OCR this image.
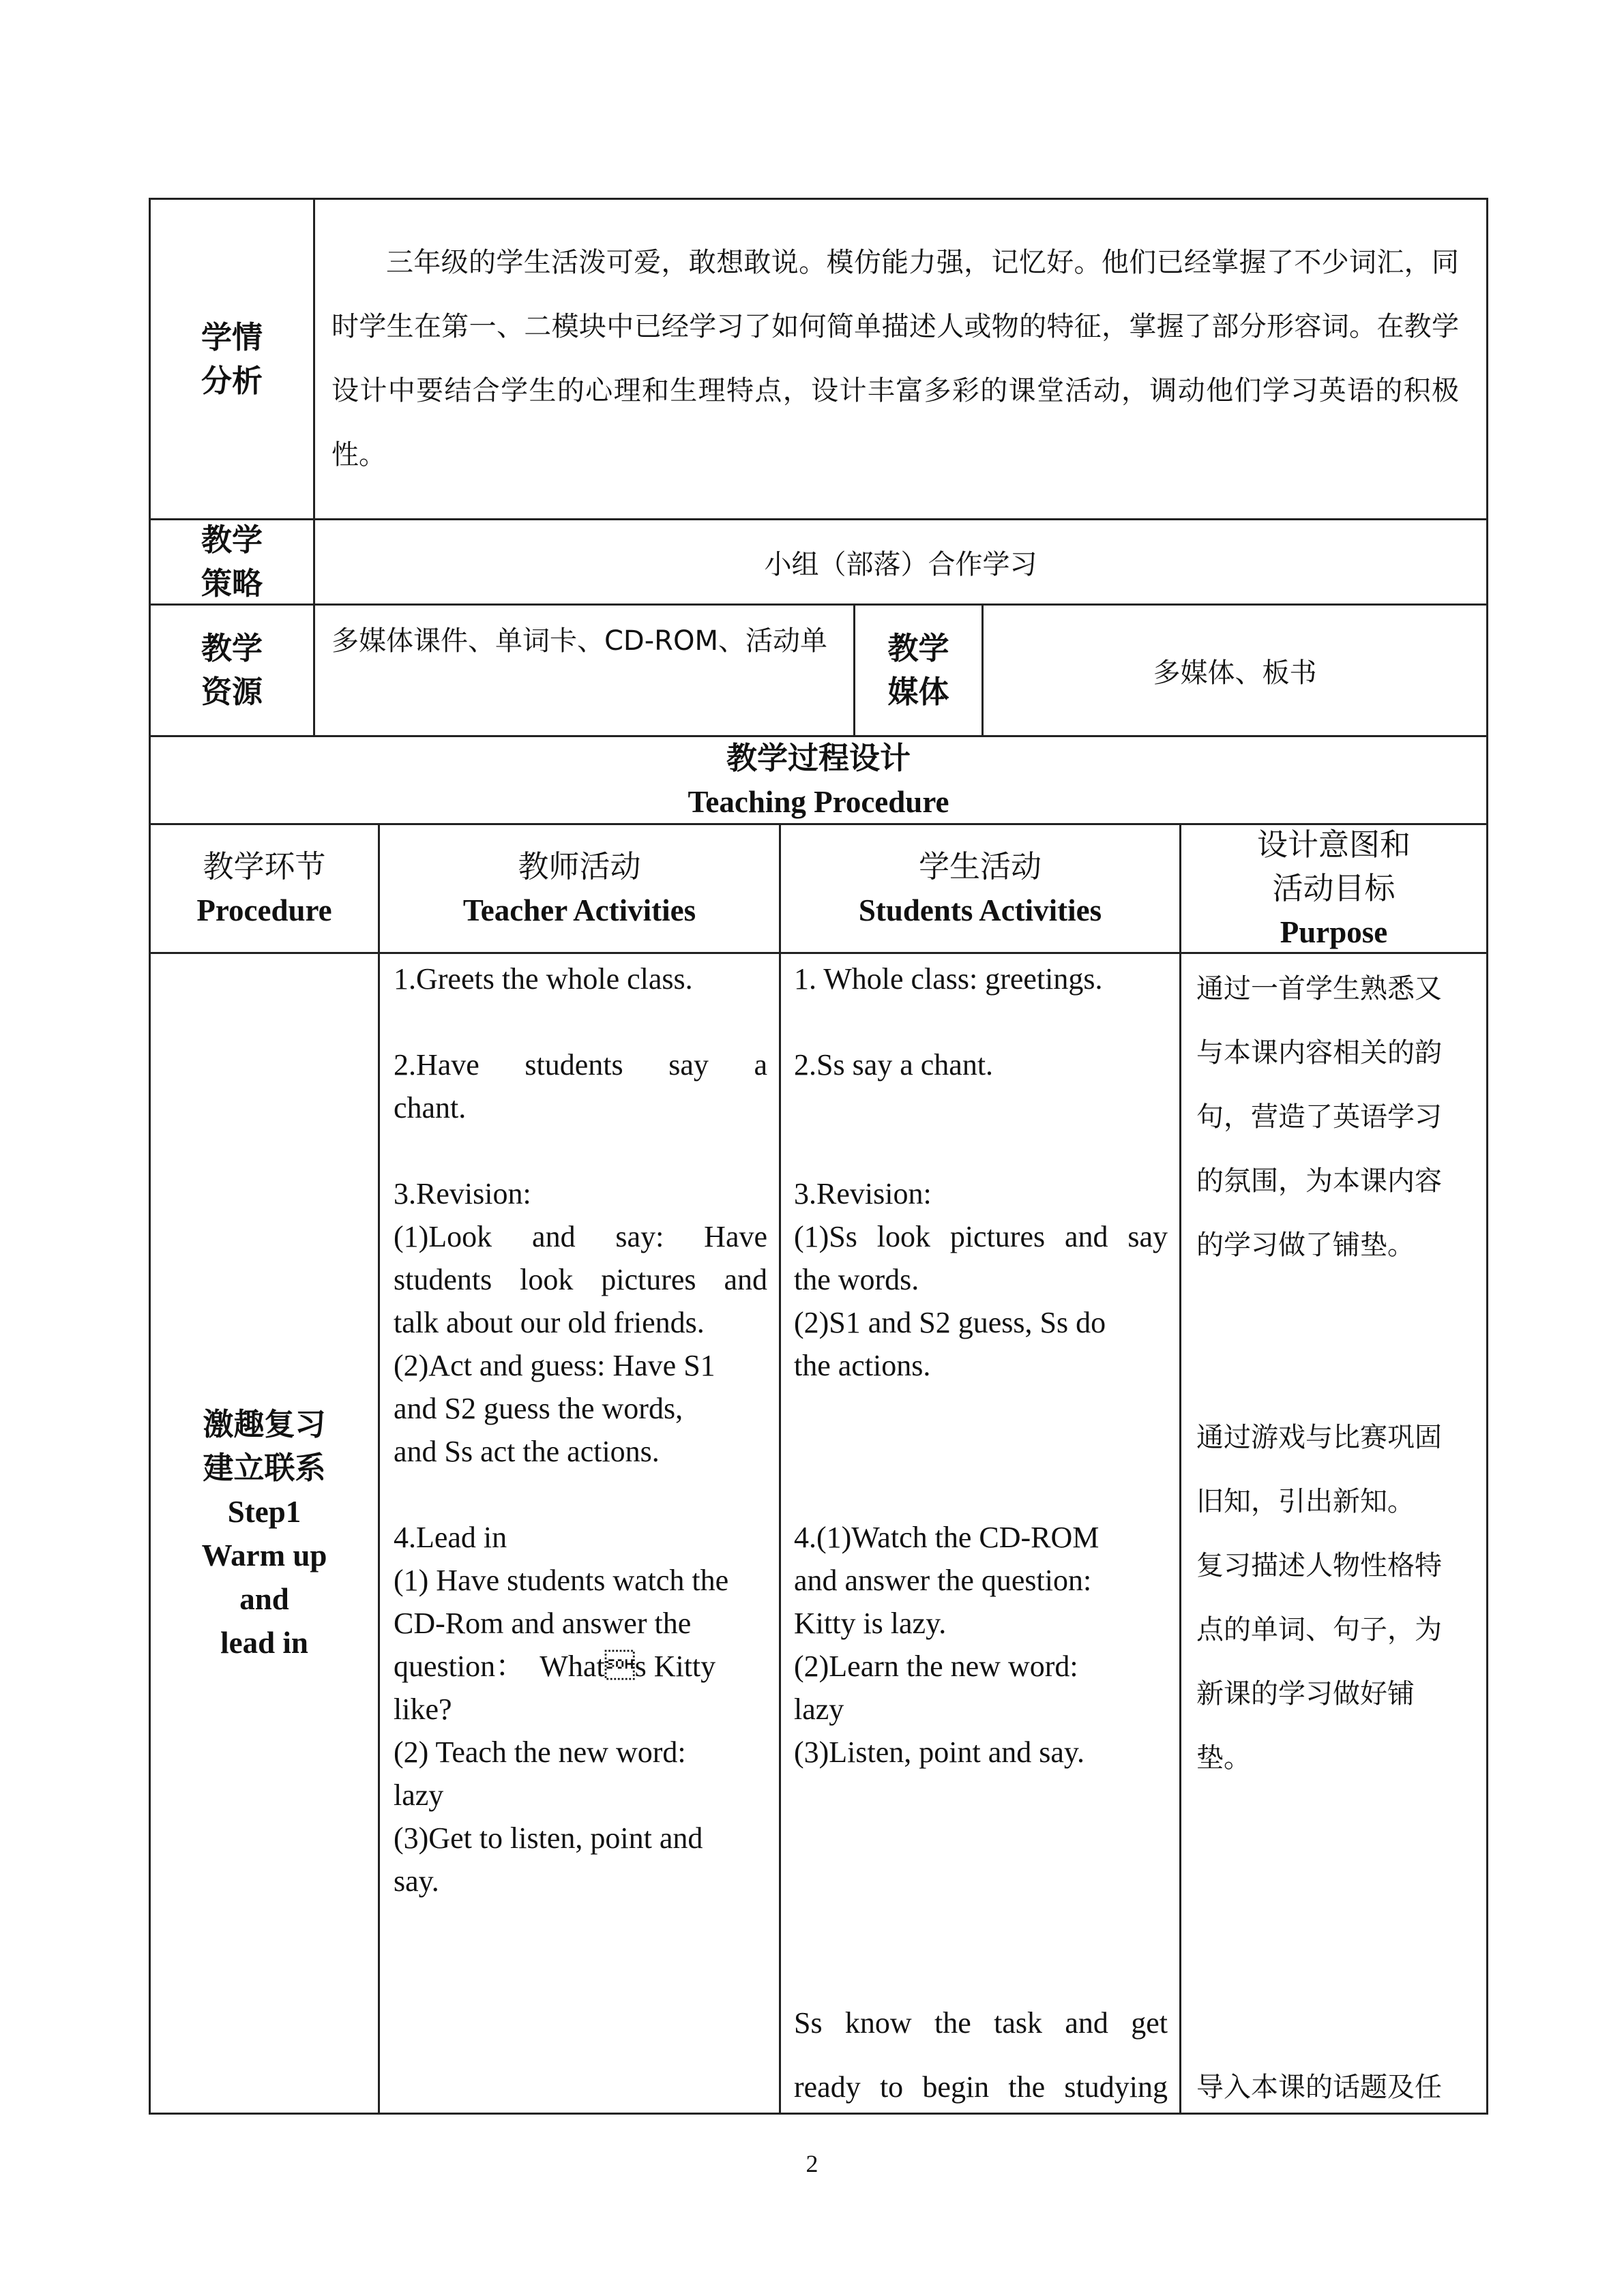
学情
分析
三年级的学生活泼可爱，敢想敢说。模仿能力强，记忆好。他们已经掌握了不少词汇，同时学生在第一、二模块中已经学习了如何简单描述人或物的特征，掌握了部分形容词。在教学设计中要结合学生的心理和生理特点，设计丰富多彩的课堂活动，调动他们学习英语的积极性。
教学
策略
小组（部落）合作学习
教学
资源
多媒体课件、单词卡、CD-ROM、活动单	教学
媒体
多媒体、板书
教学过程设计
Teaching Procedure
教学环节
Procedure
教师活动
Teacher Activities
学生活动
Students Activities
设计意图和
活动目标
Purpose
激趣复习
建立联系
Step1
Warm up
and
lead in

1.Greets the whole class.

2.Have students say a

chant.

3.Revision:

(1)Look and say: Have

students look pictures and

talk about our old friends.

(2)Act and guess: Have S1

and S2 guess the words,

and Ss act the actions.

4.Lead in

(1) Have students watch the

CD-Rom and answer the

question：  Whats Kitty

like?

(2) Teach the new word:

lazy

(3)Get to listen, point and

say.

1. Whole class: greetings.

2.Ss say a chant.

3.Revision:

(1)Ss look pictures and say

the words.

(2)S1 and S2 guess, Ss do

the actions.

4.(1)Watch the CD-ROM

and answer the question:

Kitty is lazy.

(2)Learn the new word:

lazy

(3)Listen, point and say.

Ss know the task and get

ready to begin the studying

通过一首学生熟悉又

与本课内容相关的韵

句，营造了英语学习

的氛围，为本课内容

的学习做了铺垫。

通过游戏与比赛巩固

旧知，引出新知。

复习描述人物性格特

点的单词、句子，为

新课的学习做好铺

垫。

导入本课的话题及任

2
